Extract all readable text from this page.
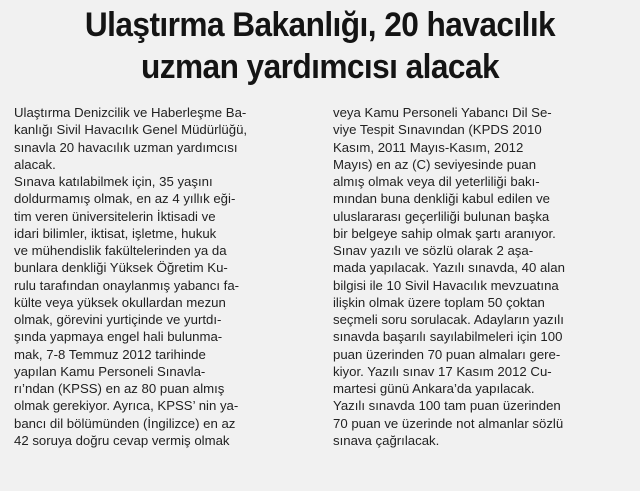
Ulaştırma Bakanlığı, 20 havacılık
uzman yardımcısı alacak
Ulaştırma Denizcilik ve Haberleşme Ba-
kanlığı Sivil Havacılık Genel Müdürlüğü,
sınavla 20 havacılık uzman yardımcısı
alacak.
Sınava katılabilmek için, 35 yaşını
doldurmamış olmak, en az 4 yıllık eği-
tim veren üniversitelerin İktisadi ve
idari bilimler, iktisat, işletme, hukuk
ve mühendislik fakültelerinden ya da
bunlara denkliği Yüksek Öğretim Ku-
rulu tarafından onaylanmış yabancı fa-
külte veya yüksek okullardan mezun
olmak, görevini yurtiçinde ve yurtdı-
şında yapmaya engel hali bulunma-
mak, 7-8 Temmuz 2012 tarihinde
yapılan Kamu Personeli Sınavla-
rı’ndan (KPSS) en az 80 puan almış
olmak gerekiyor. Ayrıca, KPSS’ nin ya-
bancı dil bölümünden (İngilizce) en az
42 soruya doğru cevap vermiş olmak
veya Kamu Personeli Yabancı Dil Se-
viye Tespit Sınavından (KPDS 2010
Kasım, 2011 Mayıs-Kasım, 2012
Mayıs) en az (C) seviyesinde puan
almış olmak veya dil yeterliliği bakı-
mından buna denkliği kabul edilen ve
uluslararası geçerliliği bulunan başka
bir belgeye sahip olmak şartı aranıyor.
Sınav yazılı ve sözlü olarak 2 aşa-
mada yapılacak. Yazılı sınavda, 40 alan
bilgisi ile 10 Sivil Havacılık mevzuatına
ilişkin olmak üzere toplam 50 çoktan
seçmeli soru sorulacak. Adayların yazılı
sınavda başarılı sayılabilmeleri için 100
puan üzerinden 70 puan almaları gere-
kiyor. Yazılı sınav 17 Kasım 2012 Cu-
martesi günü Ankara’da yapılacak.
Yazılı sınavda 100 tam puan üzerinden
70 puan ve üzerinde not almanlar sözlü
sınava çağrılacak.
